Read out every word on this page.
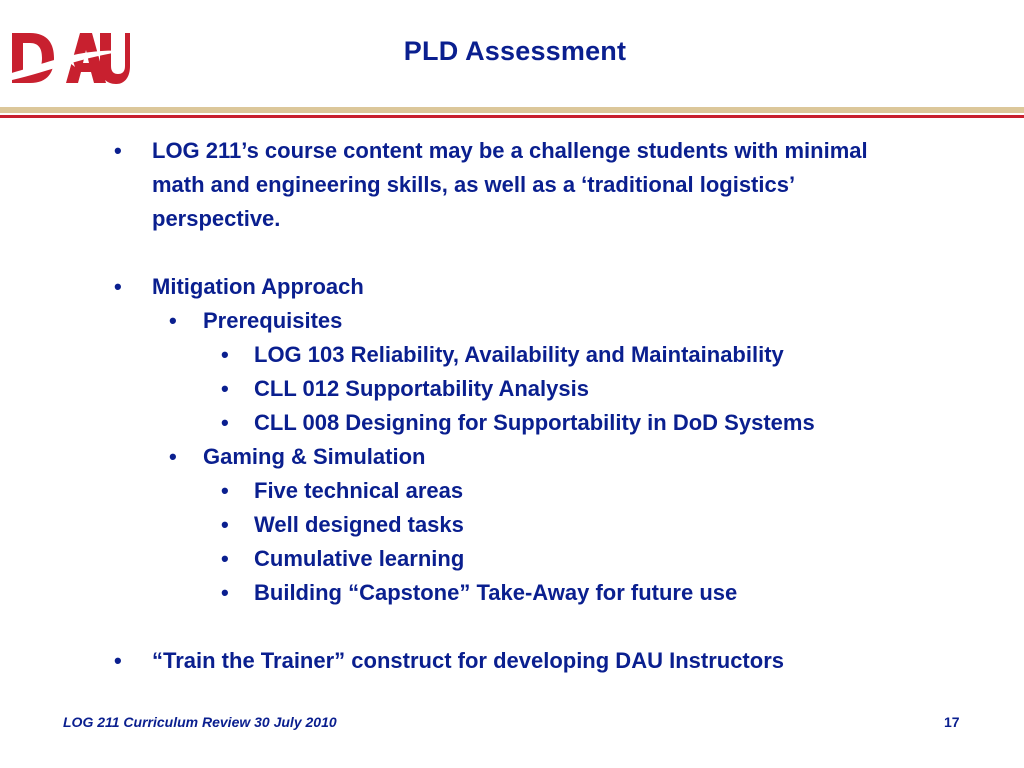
PLD Assessment
•	LOG 211’s course content may be a challenge students with minimal math and engineering skills, as well as a ‘traditional logistics’ perspective.
•	Mitigation Approach
•	Prerequisites
•	LOG 103 Reliability, Availability and Maintainability
•	CLL 012 Supportability Analysis
•	CLL 008 Designing for Supportability in DoD Systems
•	Gaming & Simulation
•	Five technical areas
•	Well designed tasks
•	Cumulative learning
•	Building “Capstone” Take-Away for future use
•	“Train the Trainer” construct for developing DAU Instructors
LOG 211 Curriculum Review 30 July 2010	17
